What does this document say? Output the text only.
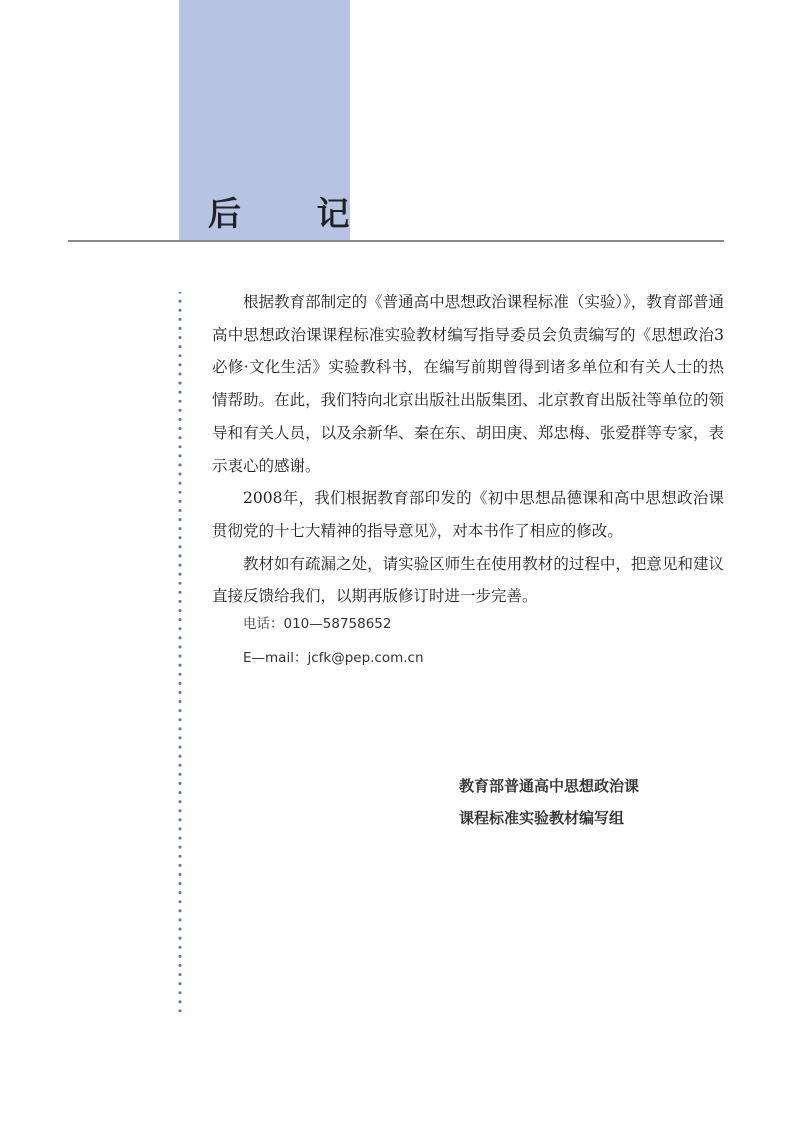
后 记

根据教育部制定的《普通高中思想政治课程标准（实验）》，教育部普通高中思想政治课课程标准实验教材编写指导委员会负责编写的《思想政治3必修·文化生活》实验教科书，在编写前期曾得到诸多单位和有关人士的热情帮助。在此，我们特向北京出版社出版集团、北京教育出版社等单位的领导和有关人员，以及余新华、秦在东、胡田庚、郑忠梅、张爱群等专家，表示衷心的感谢。

2008年，我们根据教育部印发的《初中思想品德课和高中思想政治课贯彻党的十七大精神的指导意见》，对本书作了相应的修改。

教材如有疏漏之处，请实验区师生在使用教材的过程中，把意见和建议直接反馈给我们，以期再版修订时进一步完善。

电话：010—58758652
E—mail：jcfk@pep.com.cn
教育部普通高中思想政治课
课程标准实验教材编写组
